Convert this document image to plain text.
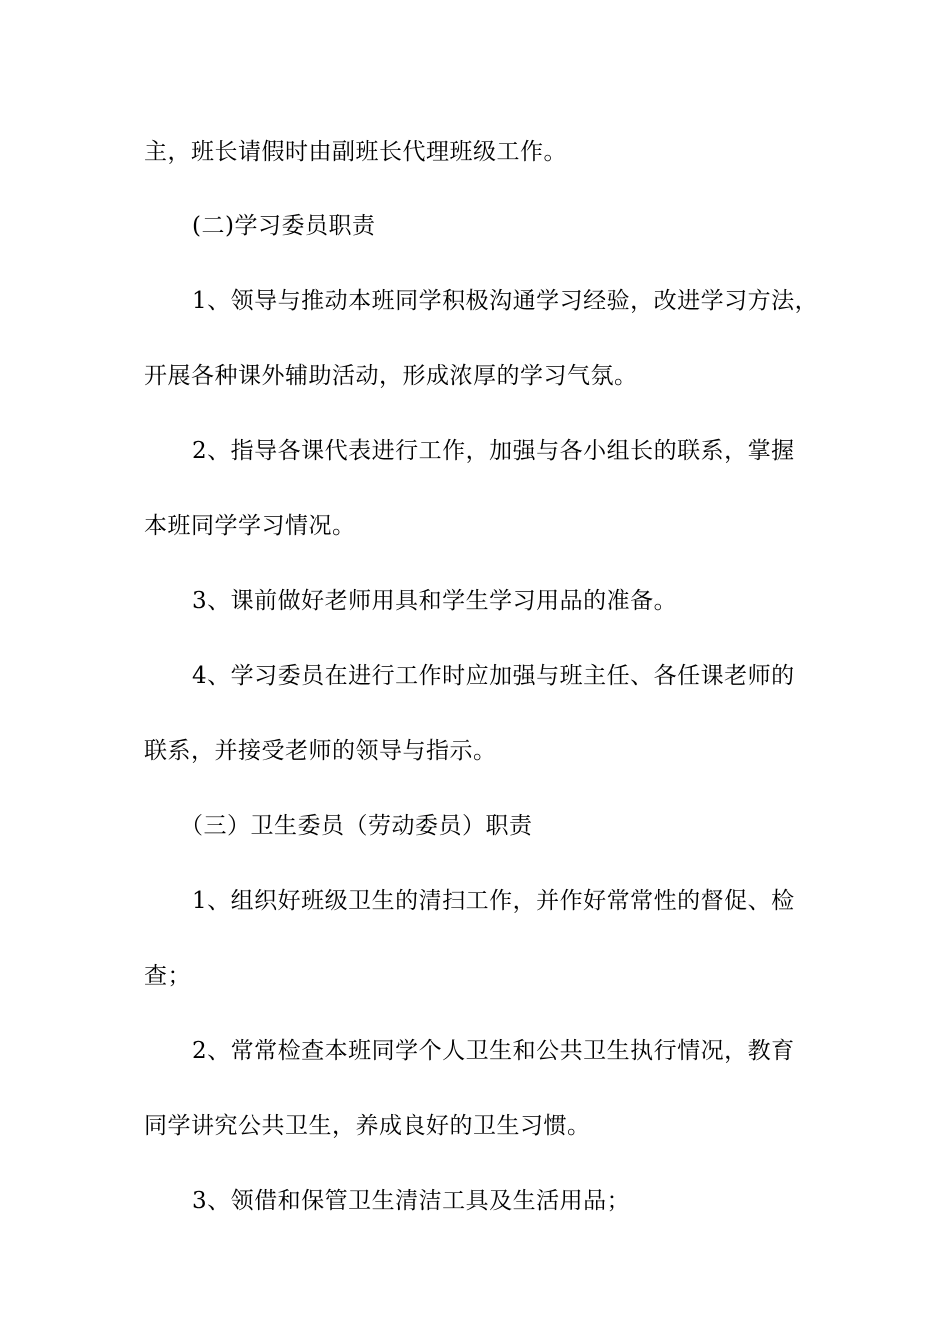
主，班长请假时由副班长代理班级工作。
(二)学习委员职责
1、领导与推动本班同学积极沟通学习经验，改进学习方法，
开展各种课外辅助活动，形成浓厚的学习气氛。
2、指导各课代表进行工作，加强与各小组长的联系，掌握
本班同学学习情况。
3、课前做好老师用具和学生学习用品的准备。
4、学习委员在进行工作时应加强与班主任、各任课老师的
联系，并接受老师的领导与指示。
（三）卫生委员（劳动委员）职责
1、组织好班级卫生的清扫工作，并作好常常性的督促、检
查；
2、常常检查本班同学个人卫生和公共卫生执行情况，教育
同学讲究公共卫生，养成良好的卫生习惯。
3、领借和保管卫生清洁工具及生活用品；
